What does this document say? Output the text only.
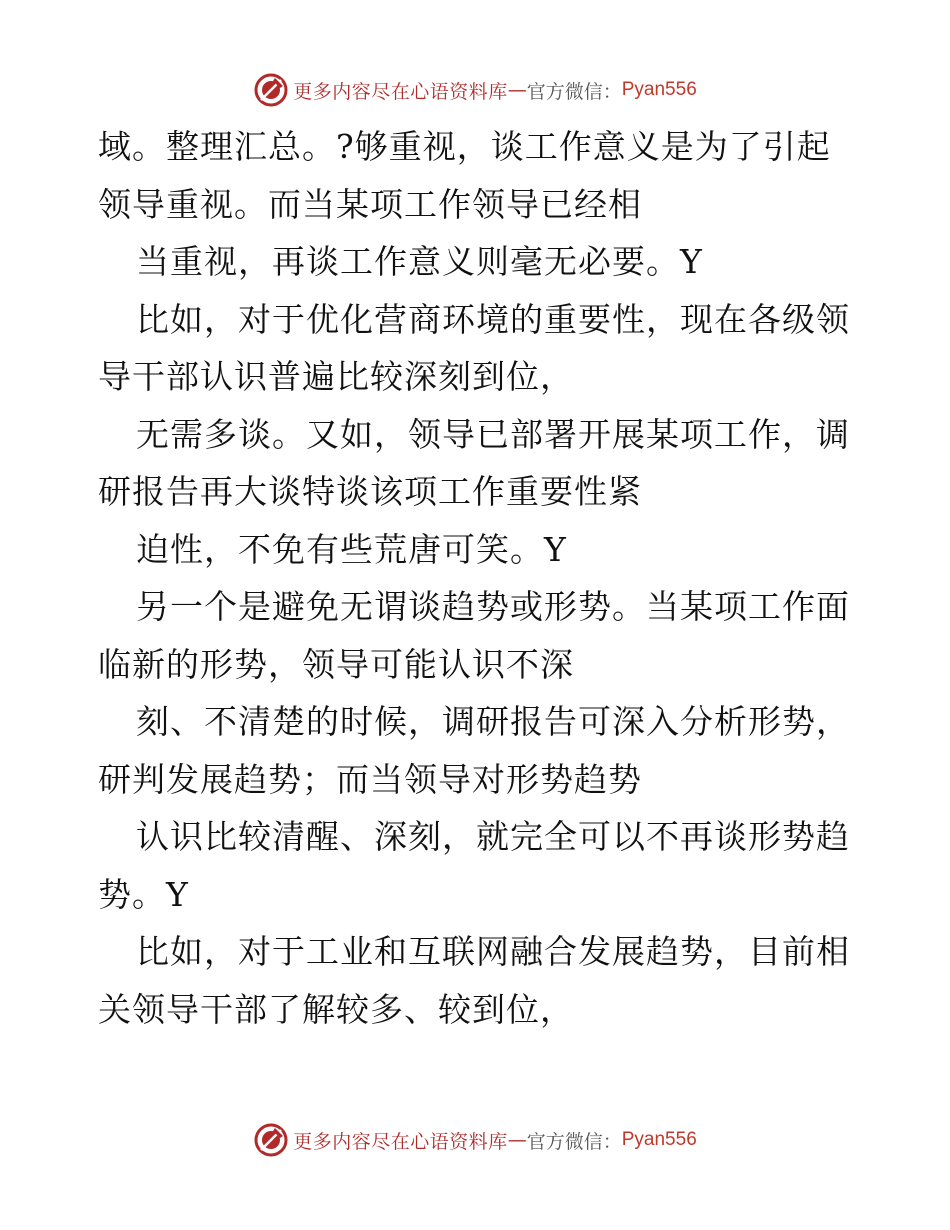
更多内容尽在心语资料库 — 官方微信： Pyan556
域。整理汇总。?够重视，谈工作意义是为了引起
领导重视。而当某项工作领导已经相
当重视，再谈工作意义则毫无必要。Y
比如，对于优化营商环境的重要性，现在各级领
导干部认识普遍比较深刻到位，
无需多谈。又如，领导已部署开展某项工作，调
研报告再大谈特谈该项工作重要性紧
迫性，不免有些荒唐可笑。Y
另一个是避免无谓谈趋势或形势。当某项工作面
临新的形势，领导可能认识不深
刻、不清楚的时候，调研报告可深入分析形势，
研判发展趋势；而当领导对形势趋势
认识比较清醒、深刻，就完全可以不再谈形势趋
势。Y
比如，对于工业和互联网融合发展趋势，目前相
关领导干部了解较多、较到位，
更多内容尽在心语资料库 — 官方微信： Pyan556
